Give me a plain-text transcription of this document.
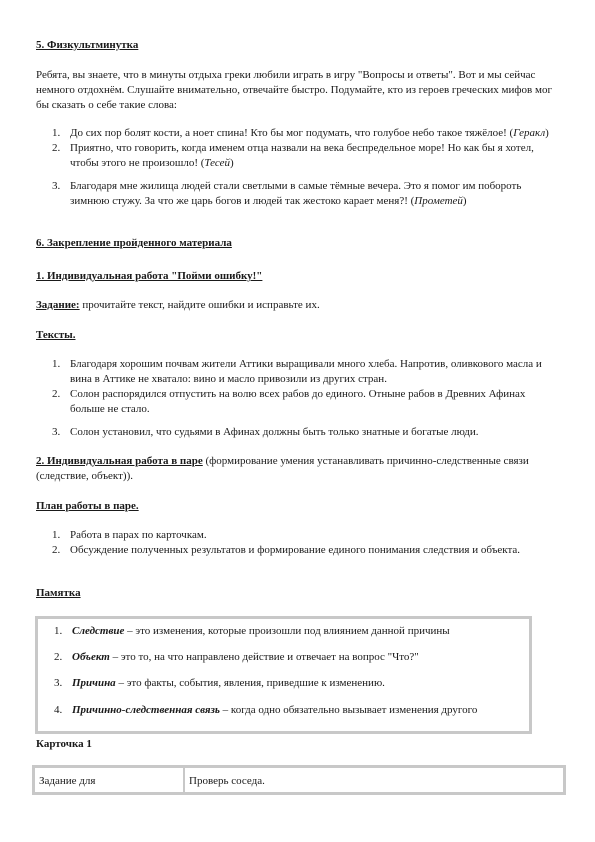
5. Физкультминутка

Ребята, вы знаете, что в минуты отдыха греки любили играть в игру "Вопросы и ответы". Вот и мы сейчас немного отдохнём. Слушайте внимательно, отвечайте быстро. Подумайте, кто из героев греческих мифов мог бы сказать о себе такие слова:

1. До сих пор болят кости, а ноет спина! Кто бы мог подумать, что голубое небо такое тяжёлое! (Геракл)
2. Приятно, что говорить, когда именем отца назвали на века беспредельное море! Но как бы я хотел, чтобы этого не произошло! (Тесей)
3. Благодаря мне жилища людей стали светлыми в самые тёмные вечера. Это я помог им побороть зимнюю стужу. За что же царь богов и людей так жестоко карает меня?! (Прометей)

6. Закрепление пройденного материала

1. Индивидуальная работа "Пойми ошибку!"

Задание: прочитайте текст, найдите ошибки и исправьте их.

Тексты.

1. Благодаря хорошим почвам жители Аттики выращивали много хлеба. Напротив, оливкового масла и вина в Аттике не хватало: вино и масло привозили из других стран.
2. Солон распорядился отпустить на волю всех рабов до единого. Отныне рабов в Древних Афинах больше не стало.
3. Солон установил, что судьями в Афинах должны быть только знатные и богатые люди.

2. Индивидуальная работа в паре (формирование умения устанавливать причинно-следственные связи (следствие, объект)).

План работы в паре.

1. Работа в парах по карточкам.
2. Обсуждение полученных результатов и формирование единого понимания следствия и объекта.

Памятка

1. Следствие – это изменения, которые произошли под влиянием данной причины
2. Объект – это то, на что направлено действие и отвечает на вопрос "Что?"
3. Причина – это факты, события, явления, приведшие к изменению.
4. Причинно-следственная связь – когда одно обязательно вызывает изменения другого

Карточка 1

Задание для	Проверь соседа.
